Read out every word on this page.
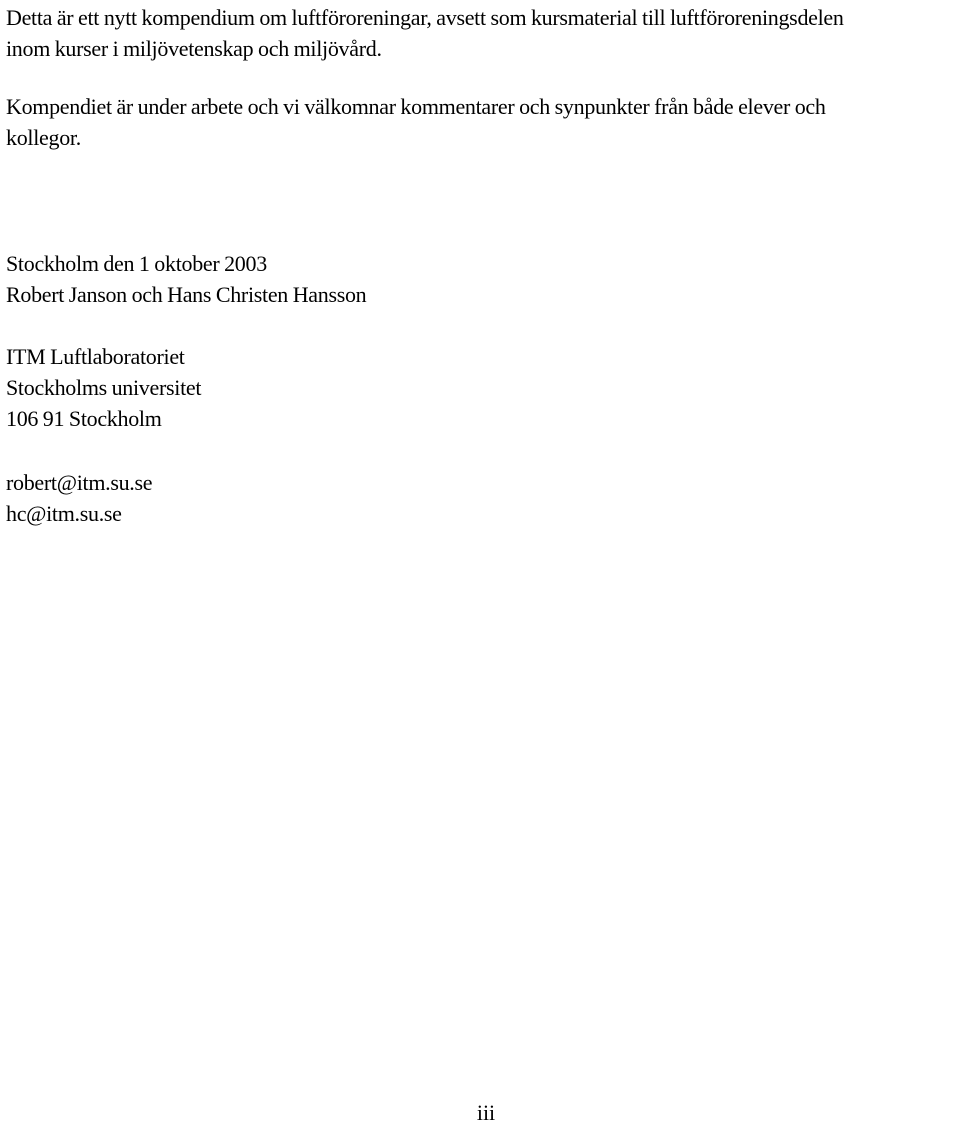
Detta är ett nytt kompendium om luftföroreningar, avsett som kursmaterial till luftföroreningsdelen
inom kurser i miljövetenskap och miljövård.

Kompendiet är under arbete och vi välkomnar kommentarer och synpunkter från både elever och
kollegor.

Stockholm den 1 oktober 2003
Robert Janson och Hans Christen Hansson

ITM Luftlaboratoriet
Stockholms universitet
106 91 Stockholm

robert@itm.su.se
hc@itm.su.se

iii
